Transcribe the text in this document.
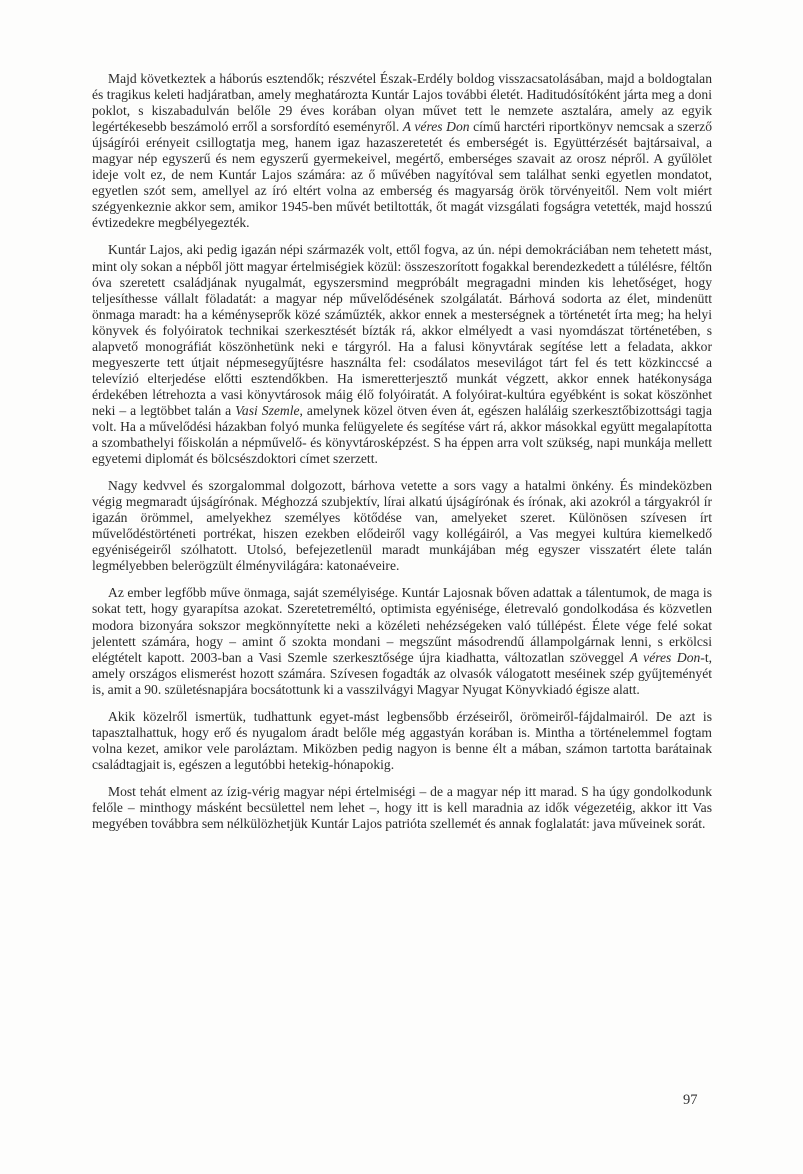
Majd következtek a háborús esztendők; részvétel Észak-Erdély boldog visszacsatolásában, majd a boldogtalan és tragikus keleti hadjáratban, amely meghatározta Kuntár Lajos további életét. Haditudósítóként járta meg a doni poklot, s kiszabadulván belőle 29 éves korában olyan művet tett le nemzete asztalára, amely az egyik legértékesebb beszámoló erről a sorsfordító eseményről. A véres Don című harctéri riportkönyv nemcsak a szerző újságírói erényeit csillogtatja meg, hanem igaz hazaszeretetét és emberségét is. Együttérzését bajtársaival, a magyar nép egyszerű és nem egyszerű gyermekeivel, megértő, emberséges szavait az orosz népről. A gyűlölet ideje volt ez, de nem Kuntár Lajos számára: az ő művében nagyítóval sem találhat senki egyetlen mondatot, egyetlen szót sem, amellyel az író eltért volna az emberség és magyarság örök törvényeitől. Nem volt miért szégyenkeznie akkor sem, amikor 1945-ben művét betiltották, őt magát vizsgálati fogságra vetették, majd hosszú évtizedekre megbélyegezték.

Kuntár Lajos, aki pedig igazán népi származék volt, ettől fogva, az ún. népi demokráciában nem tehetett mást, mint oly sokan a népből jött magyar értelmiségiek közül: összeszorított fogakkal berendezkedett a túlélésre, féltőn óva szeretett családjának nyugalmát, egyszersmind megpróbált megragadni minden kis lehetőséget, hogy teljesíthesse vállalt föladatát: a magyar nép művelődésének szolgálatát. Bárhová sodorta az élet, mindenütt önmaga maradt: ha a kéményseprők közé száműzték, akkor ennek a mesterségnek a történetét írta meg; ha helyi könyvek és folyóiratok technikai szerkesztését bízták rá, akkor elmélyedt a vasi nyomdászat történetében, s alapvető monográfiát köszönhetünk neki e tárgyról. Ha a falusi könyvtárak segítése lett a feladata, akkor megyeszerte tett útjait népmesegyűjtésre használta fel: csodálatos mesevilágot tárt fel és tett közkinccsé a televízió elterjedése előtti esztendőkben. Ha ismeretterjesztő munkát végzett, akkor ennek hatékonysága érdekében létrehozta a vasi könyvtárosok máig élő folyóiratát. A folyóirat-kultúra egyébként is sokat köszönhet neki – a legtöbbet talán a Vasi Szemle, amelynek közel ötven éven át, egészen haláláig szerkesztőbizottsági tagja volt. Ha a művelődési házakban folyó munka felügyelete és segítése várt rá, akkor másokkal együtt megalapította a szombathelyi főiskolán a népművelő- és könyvtárosképzést. S ha éppen arra volt szükség, napi munkája mellett egyetemi diplomát és bölcsészdoktori címet szerzett.

Nagy kedvvel és szorgalommal dolgozott, bárhova vetette a sors vagy a hatalmi önkény. És mindeközben végig megmaradt újságírónak. Méghozzá szubjektív, lírai alkatú újságírónak és írónak, aki azokról a tárgyakról ír igazán örömmel, amelyekhez személyes kötődése van, amelyeket szeret. Különösen szívesen írt művelődéstörténeti portrékat, hiszen ezekben elődeiről vagy kollégáiról, a Vas megyei kultúra kiemelkedő egyéniségeiről szólhatott. Utolsó, befejezetlenül maradt munkájában még egyszer visszatért élete talán legmélyebben belerögzült élményvilágára: katonaéveire.

Az ember legfőbb műve önmaga, saját személyisége. Kuntár Lajosnak bőven adattak a tálentumok, de maga is sokat tett, hogy gyarapítsa azokat. Szeretetreméltó, optimista egyénisége, életrevaló gondolkodása és közvetlen modora bizonyára sokszor megkönnyítette neki a közéleti nehézségeken való túllépést. Élete vége felé sokat jelentett számára, hogy – amint ő szokta mondani – megszűnt másodrendű állampolgárnak lenni, s erkölcsi elégtételt kapott. 2003-ban a Vasi Szemle szerkesztősége újra kiadhatta, változatlan szöveggel A véres Don-t, amely országos elismerést hozott számára. Szívesen fogadták az olvasók válogatott meséinek szép gyűjteményét is, amit a 90. születésnapjára bocsátottunk ki a vasszilvágyi Magyar Nyugat Könyvkiadó égisze alatt.

Akik közelről ismertük, tudhattunk egyet-mást legbensőbb érzéseiről, örömeiről-fájdalmairól. De azt is tapasztalhattuk, hogy erő és nyugalom áradt belőle még aggastyán korában is. Mintha a történelemmel fogtam volna kezet, amikor vele paroláztam. Miközben pedig nagyon is benne élt a mában, számon tartotta barátainak családtagjait is, egészen a legutóbbi hetekig-hónapokig.

Most tehát elment az ízig-vérig magyar népi értelmiségi – de a magyar nép itt marad. S ha úgy gondolkodunk felőle – minthogy másként becsülettel nem lehet –, hogy itt is kell maradnia az idők végezetéig, akkor itt Vas megyében továbbra sem nélkülözhetjük Kuntár Lajos patrióta szellemét és annak foglalatát: java műveinek sorát.

97
